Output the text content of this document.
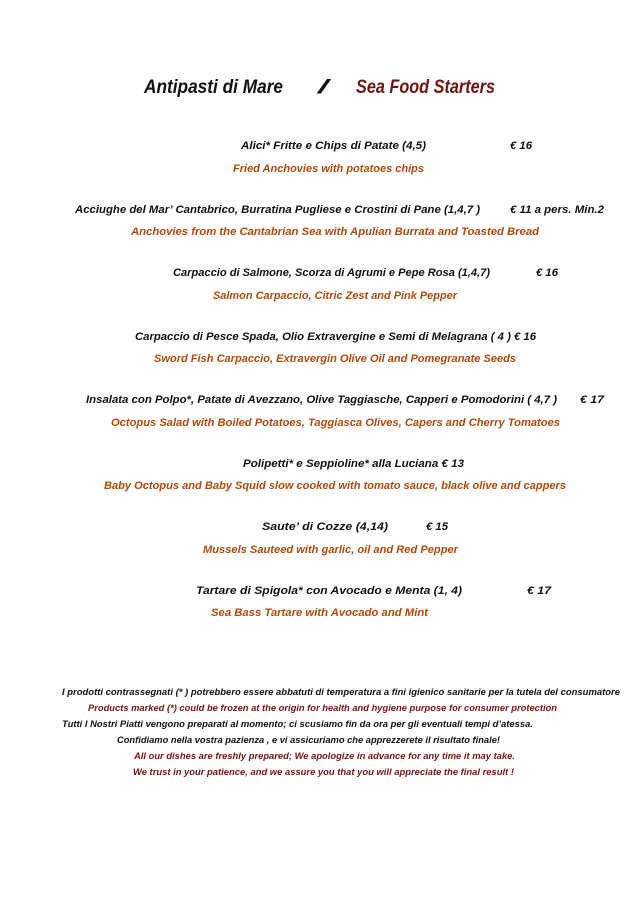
Antipasti di Mare / Sea Food Starters
Alici* Fritte e Chips di Patate (4,5)	€ 16
Fried Anchovies with potatoes chips
Acciughe del Mar’ Cantabrico, Burratina Pugliese e Crostini di Pane (1,4,7 )	€ 11 a pers. Min.2
Anchovies from the Cantabrian Sea with Apulian Burrata and Toasted Bread
Carpaccio di Salmone, Scorza di Agrumi e Pepe Rosa (1,4,7)	€ 16
Salmon Carpaccio, Citric Zest and Pink Pepper
Carpaccio di Pesce Spada, Olio Extravergine e Semi di Melagrana ( 4 ) € 16
Sword Fish Carpaccio, Extravergin Olive Oil and Pomegranate Seeds
Insalata con Polpo*, Patate di Avezzano, Olive Taggiasche, Capperi e Pomodorini ( 4,7 ) € 17
Octopus Salad with Boiled Potatoes, Taggiasca Olives, Capers and Cherry Tomatoes
Polipetti* e Seppioline* alla Luciana € 13
Baby Octopus and Baby Squid slow cooked with tomato sauce, black olive and cappers
Saute’ di Cozze (4,14)	€ 15
Mussels Sauteed with garlic, oil and Red Pepper
Tartare di Spigola* con Avocado e Menta (1, 4)	€ 17
Sea Bass Tartare with Avocado and Mint
I prodotti contrassegnati (* ) potrebbero essere abbatuti di temperatura a fini igienico sanitarie per la tutela del consumatore
Products marked (*) could be frozen at the origin for health and hygiene purpose for consumer protection
Tutti I Nostri Piatti vengono preparati al momento; ci scusiamo fin da ora per gli eventuali tempi d’atessa.
Confidiamo nella vostra pazienza , e vi assicuriamo che apprezzerete il risultato finale!
All our dishes are freshly prepared; We apologize in advance for any time it may take.
We trust in your patience, and we assure you that you will appreciate the final result !
